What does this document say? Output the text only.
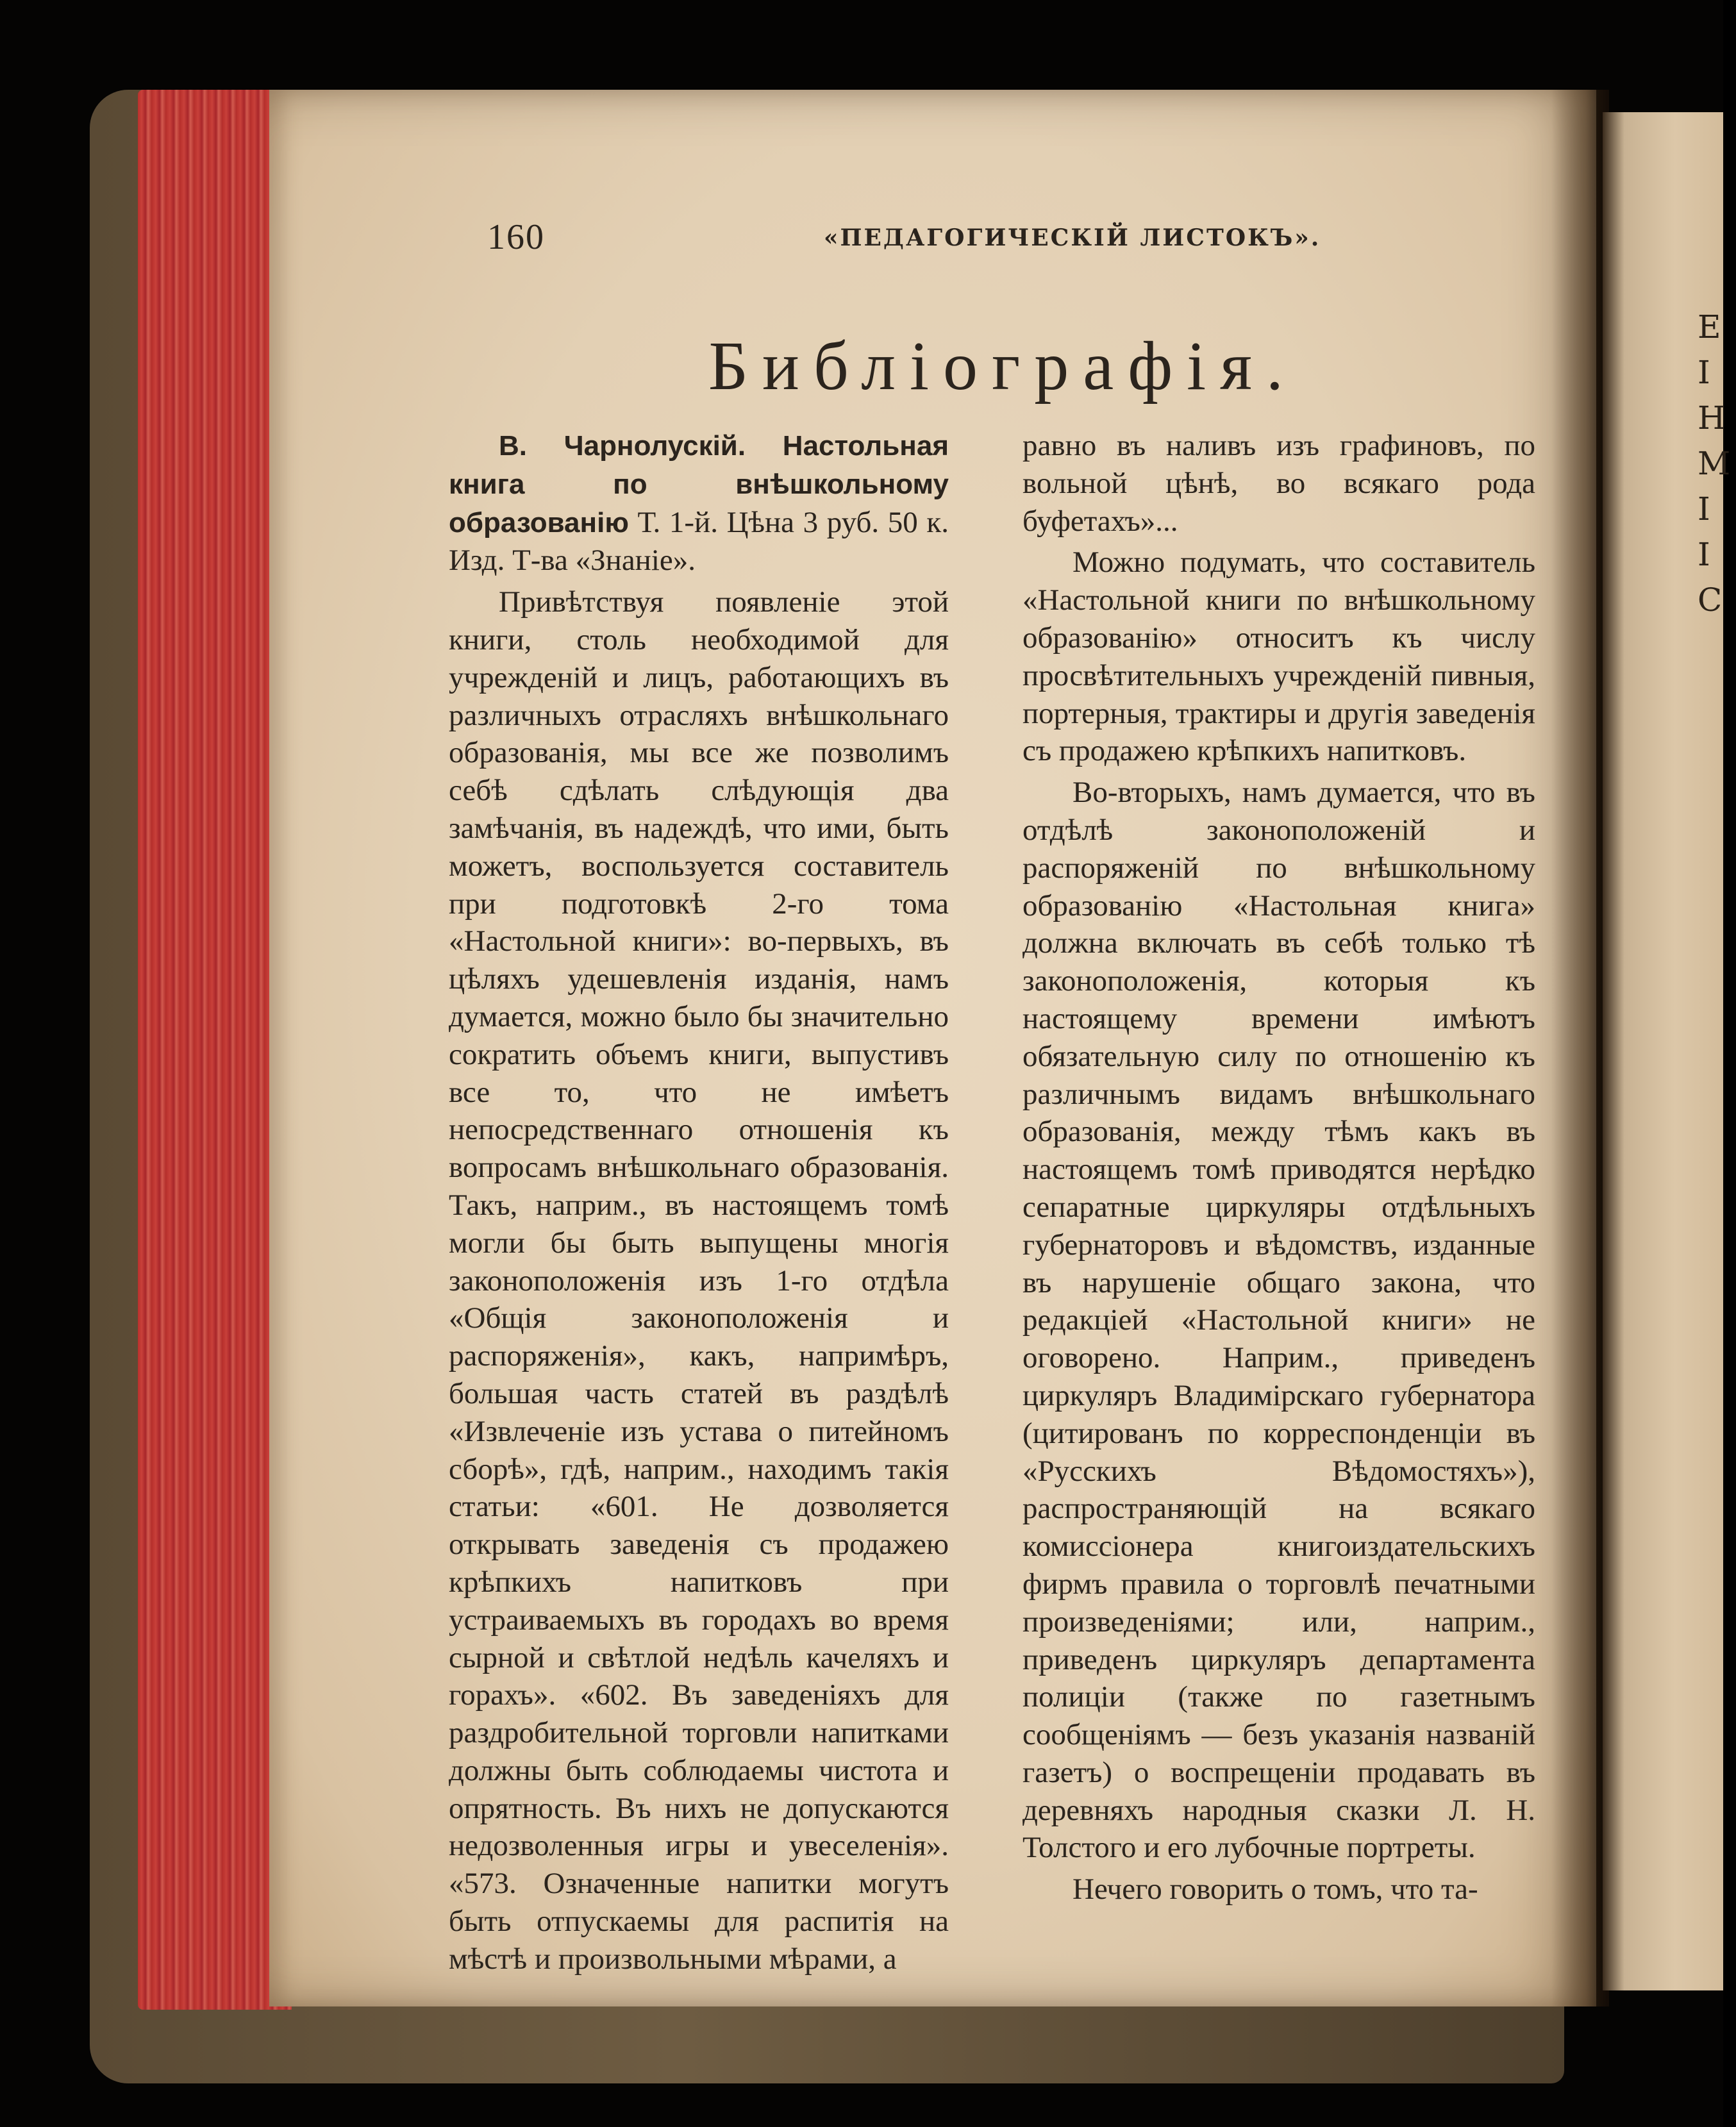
160	«ПЕДАГОГИЧЕСКІЙ ЛИСТОКЪ».
Библіографія.

В. Чарнолускій. Настольная книга по внѣшкольному образованію Т. 1-й. Цѣна 3 руб. 50 к. Изд. Т-ва «Знаніе».

Привѣтствуя появленіе этой книги, столь необходимой для учрежденій и лицъ, работающихъ въ различныхъ отрасляхъ внѣшкольнаго образованія, мы все же позволимъ себѣ сдѣлать слѣдующія два замѣчанія, въ надеждѣ, что ими, быть можетъ, воспользуется составитель при подготовкѣ 2-го тома «Настольной книги»: во-первыхъ, въ цѣляхъ удешевленія изданія, намъ думается, можно было бы значительно сократить объемъ книги, выпустивъ все то, что не имѣетъ непосредственнаго отношенія къ вопросамъ внѣшкольнаго образованія. Такъ, наприм., въ настоящемъ томѣ могли бы быть выпущены многія законоположенія изъ 1-го отдѣла «Общія законоположенія и распоряженія», какъ, напримѣръ, большая часть статей въ раздѣлѣ «Извлеченіе изъ устава о питейномъ сборѣ», гдѣ, наприм., находимъ такія статьи: «601. Не дозволяется открывать заведенія съ продажею крѣпкихъ напитковъ при устраиваемыхъ въ городахъ во время сырной и свѣтлой недѣль качеляхъ и горахъ». «602. Въ заведеніяхъ для раздробительной торговли напитками должны быть соблюдаемы чистота и опрятность. Въ нихъ не допускаются недозволенныя игры и увеселенія». «573. Означенные напитки могутъ быть отпускаемы для распитія на мѣстѣ и произвольными мѣрами, а

равно въ наливъ изъ графиновъ, по вольной цѣнѣ, во всякаго рода буфетахъ»...

Можно подумать, что составитель «Настольной книги по внѣшкольному образованію» относитъ къ числу просвѣтительныхъ учрежденій пивныя, портерныя, трактиры и другія заведенія съ продажею крѣпкихъ напитковъ.

Во-вторыхъ, намъ думается, что въ отдѣлѣ законоположеній и распоряженій по внѣшкольному образованію «Настольная книга» должна включать въ себѣ только тѣ законоположенія, которыя къ настоящему времени имѣютъ обязательную силу по отношенію къ различнымъ видамъ внѣшкольнаго образованія, между тѣмъ какъ въ настоящемъ томѣ приводятся нерѣдко сепаратные циркуляры отдѣльныхъ губернаторовъ и вѣдомствъ, изданные въ нарушеніе общаго закона, что редакціей «Настольной книги» не оговорено. Наприм., приведенъ циркуляръ Владимірскаго губернатора (цитированъ по корреспонденціи въ «Русскихъ Вѣдомостяхъ»), распространяющій на всякаго комиссіонера книгоиздательскихъ фирмъ правила о торговлѣ печатными произведеніями; или, наприм., приведенъ циркуляръ департамента полиціи (также по газетнымъ сообщеніямъ — безъ указанія названій газетъ) о воспрещеніи продавать въ деревняхъ народныя сказки Л. Н. Толстого и его лубочные портреты.

Нечего говорить о томъ, что та-

Е
І
Н
М
І
І
С
